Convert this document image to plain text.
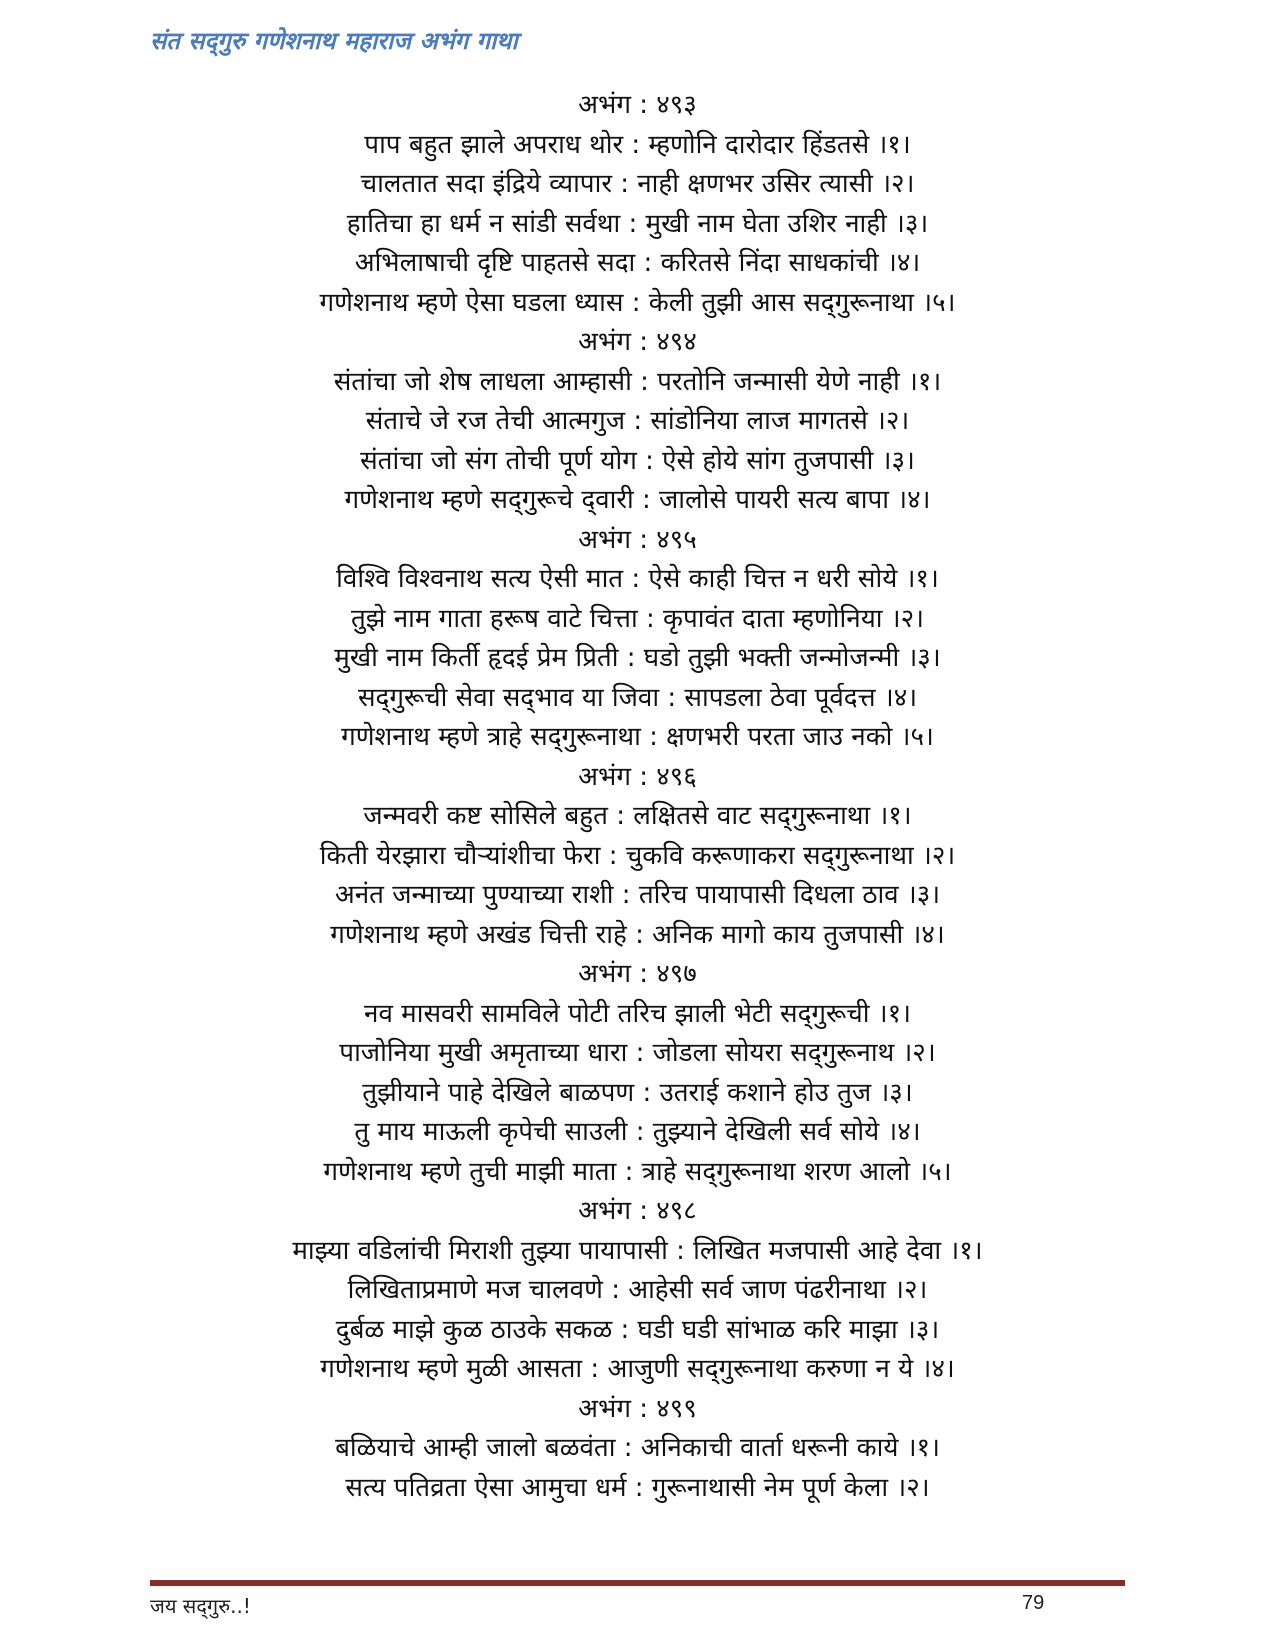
संत सद्‌गुरु गणेशनाथ महाराज अभंग गाथा
अभंग : ४९३
पाप बहुत झाले अपराध थोर : म्हणोनि दारोदार हिंडतसे ।१।
चालतात सदा इंद्रिये व्यापार : नाही क्षणभर उसिर त्यासी ।२।
हातिचा हा धर्म न सांडी सर्वथा : मुखी नाम घेता उशिर नाही ।३।
अभिलाषाची दृष्टि पाहतसे सदा : करितसे निंदा साधकांची ।४।
गणेशनाथ म्हणे ऐसा घडला ध्यास : केली तुझी आस सद्‌गुरूनाथा ।५।
अभंग : ४९४
संतांचा जो शेष लाधला आम्हासी : परतोनि जन्मासी येणे नाही ।१।
संताचे जे रज तेची आत्मगुज : सांडोनिया लाज मागतसे ।२।
संतांचा जो संग तोची पूर्ण योग : ऐसे होये सांग तुजपासी ।३।
गणेशनाथ म्हणे सद्‌गुरूचे द्‌वारी : जालोसे पायरी सत्य बापा ।४।
अभंग : ४९५
विश्वि विश्वनाथ सत्य ऐसी मात : ऐसे काही चित्त न धरी सोये ।१।
तुझे नाम गाता हरूष वाटे चित्ता : कृपावंत दाता म्हणोनिया ।२।
मुखी नाम किर्ती हृदई प्रेम प्रिती : घडो तुझी भक्ती जन्मोजन्मी ।३।
सद्‌गुरूची सेवा सद्‌भाव या जिवा : सापडला ठेवा पूर्वदत्त ।४।
गणेशनाथ म्हणे त्राहे सद्‌गुरूनाथा : क्षणभरी परता जाउ नको ।५।
अभंग : ४९६
जन्मवरी कष्ट सोसिले बहुत : लक्षितसे वाट सद्‌गुरूनाथा ।१।
किती येरझारा चौऱ्यांशीचा फेरा : चुकवि करूणाकरा सद्‌गुरूनाथा ।२।
अनंत जन्माच्या पुण्याच्या राशी : तरिच पायापासी दिधला ठाव ।३।
गणेशनाथ म्हणे अखंड चित्ती राहे : अनिक मागो काय तुजपासी ।४।
अभंग : ४९७
नव मासवरी सामविले पोटी तरिच झाली भेटी सद्‌गुरूची ।१।
पाजोनिया मुखी अमृताच्या धारा : जोडला सोयरा सद्‌गुरूनाथ ।२।
तुझीयाने पाहे देखिले बाळपण : उतराई कशाने होउ तुज ।३।
तु माय माऊली कृपेची साउली : तुझ्याने देखिली सर्व सोये ।४।
गणेशनाथ म्हणे तुची माझी माता : त्राहे सद्‌गुरूनाथा शरण आलो ।५।
अभंग : ४९८
माझ्या वडिलांची मिराशी तुझ्या पायापासी : लिखित मजपासी आहे देवा ।१।
लिखिताप्रमाणे मज चालवणे : आहेसी सर्व जाण पंढरीनाथा ।२।
दुर्बळ माझे कुळ ठाउके सकळ : घडी घडी सांभाळ करि माझा ।३।
गणेशनाथ म्हणे मुळी आसता : आजुणी सद्‌गुरूनाथा करुणा न ये ।४।
अभंग : ४९९
बळियाचे आम्ही जालो बळवंता : अनिकाची वार्ता धरूनी काये ।१।
सत्य पतिव्रता ऐसा आमुचा धर्म : गुरूनाथासी नेम पूर्ण केला ।२।
जय सद्‌गुरु..!	79
